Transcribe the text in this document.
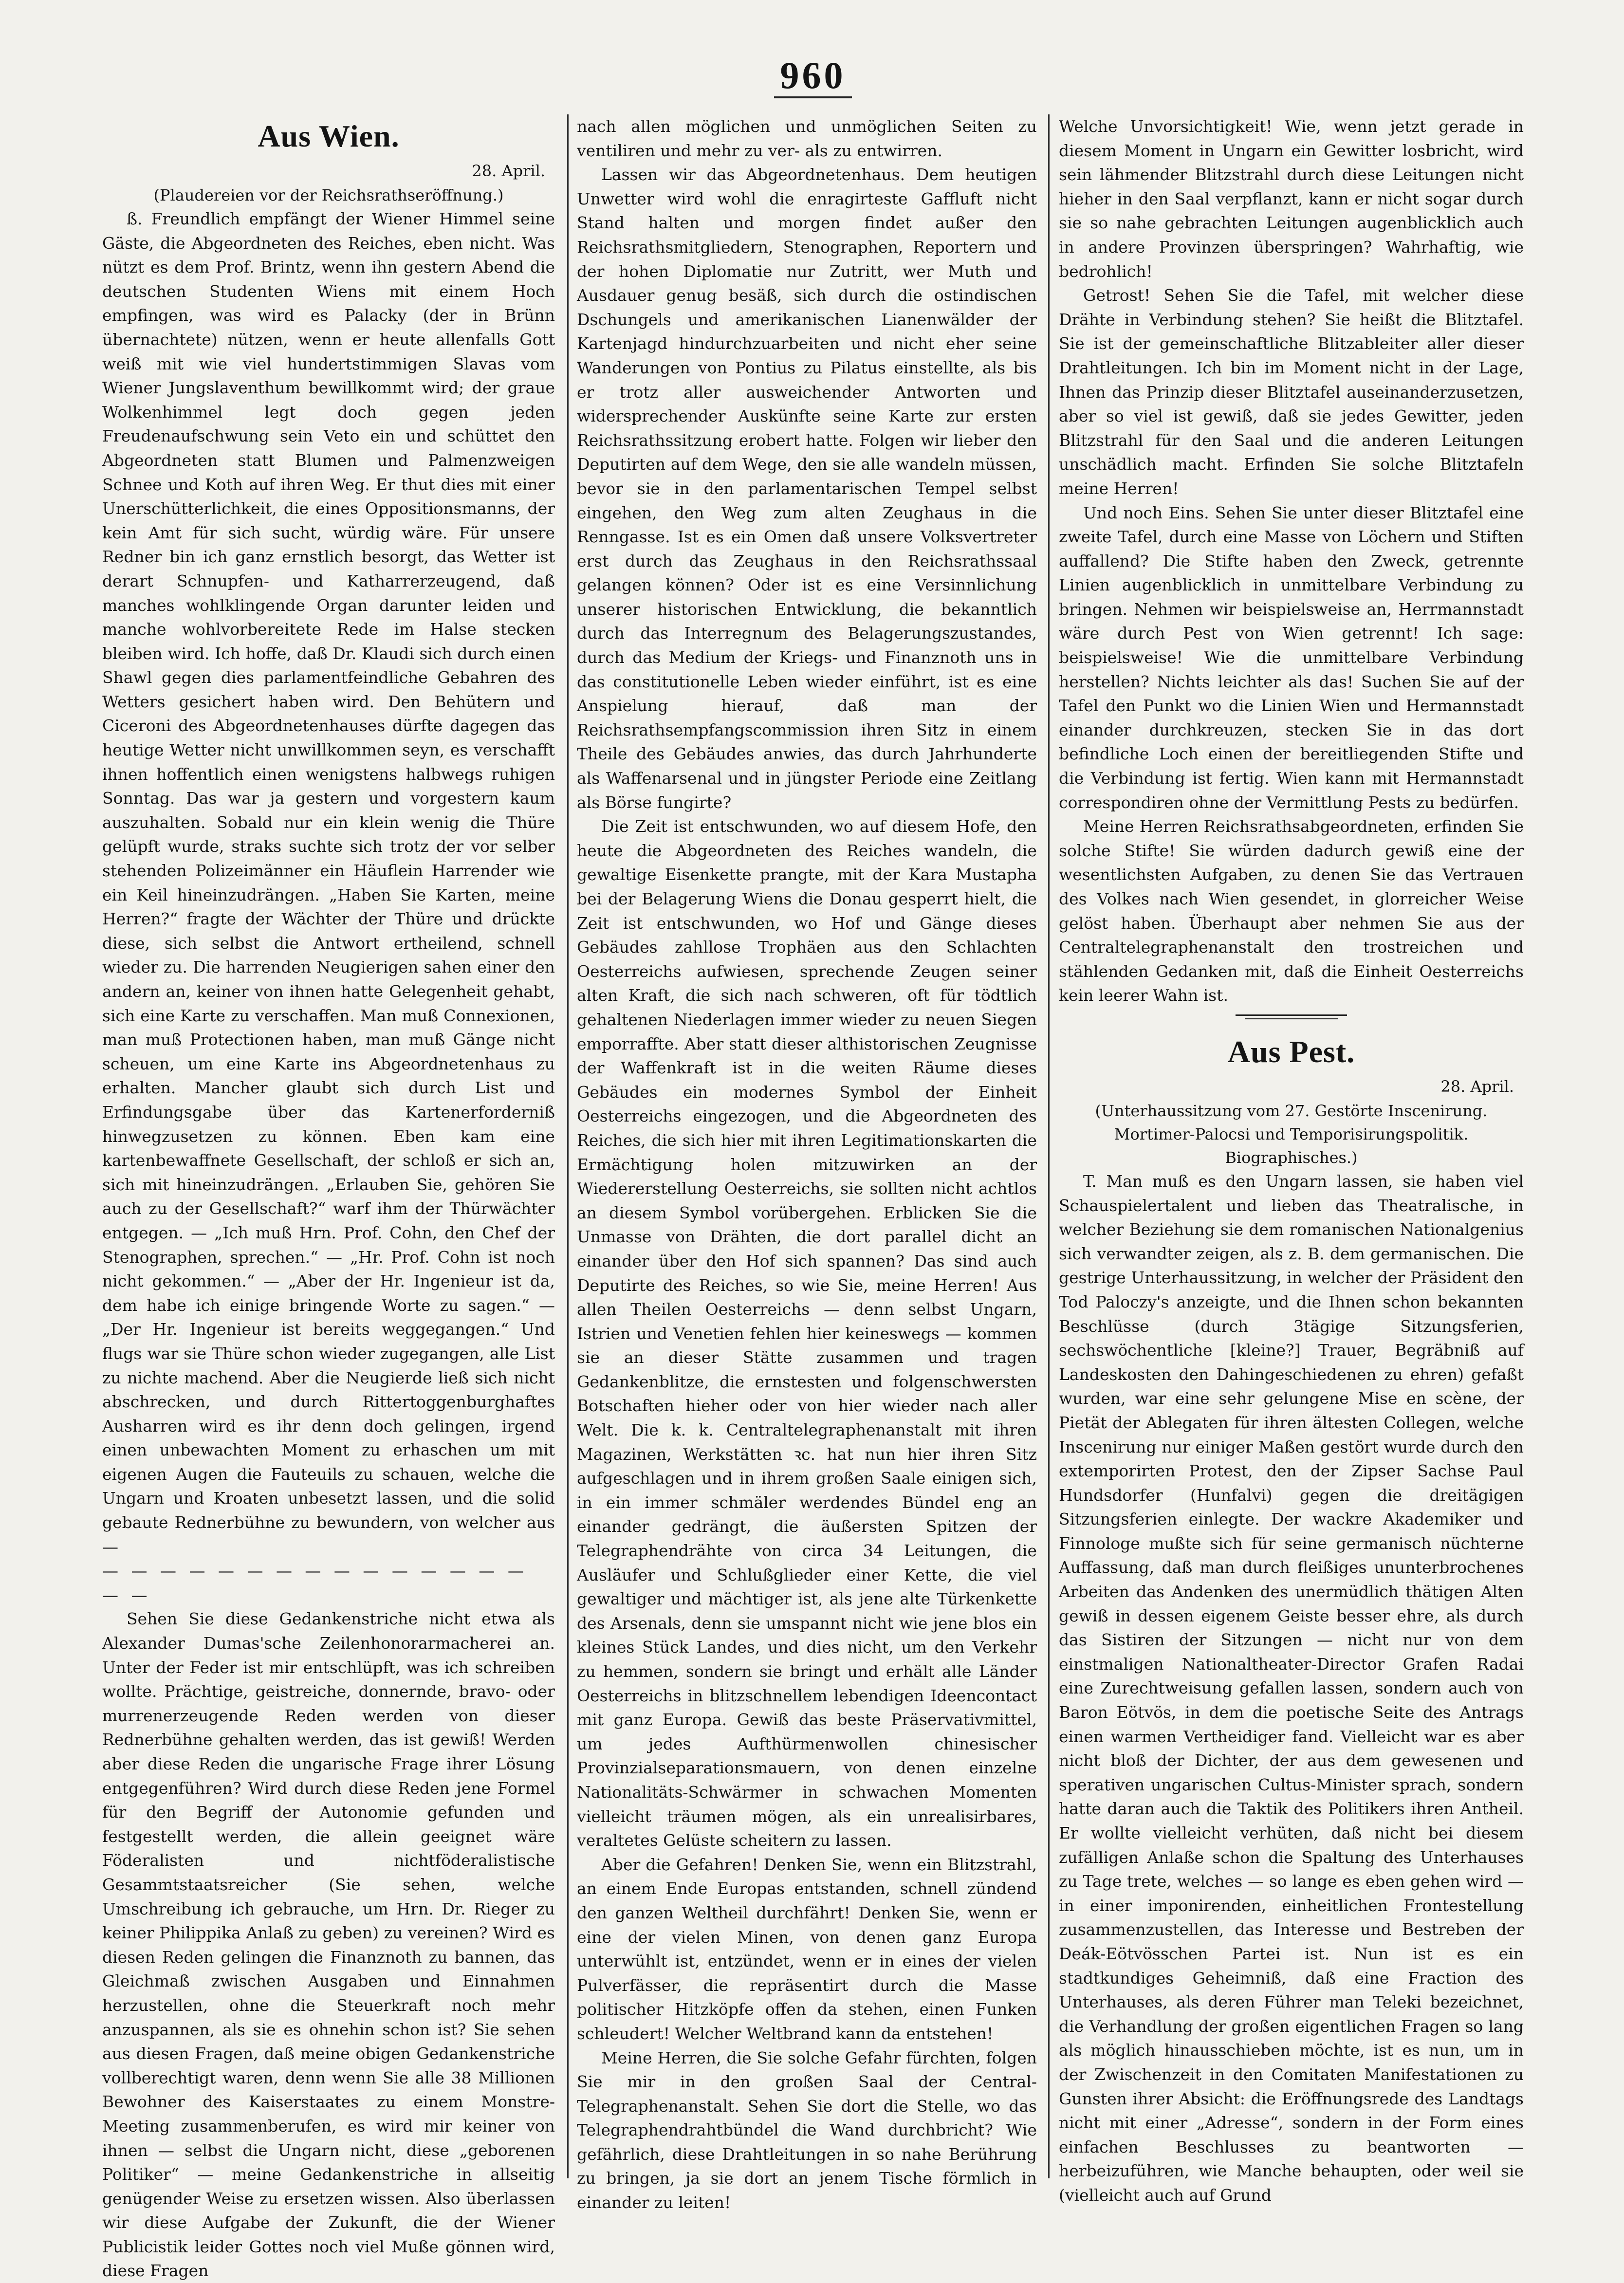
960
Aus Wien.
28. April.
(Plaudereien vor der Reichsrathseröffnung.)

ß. Freundlich empfängt der Wiener Himmel seine Gäste, die Abgeordneten des Reiches, eben nicht. Was nützt es dem Prof. Brintz, wenn ihn gestern Abend die deutschen Studenten Wiens mit einem Hoch empfingen, was wird es Palacky (der in Brünn übernachtete) nützen, wenn er heute allenfalls Gott weiß mit wie viel hundertstimmigen Slavas vom Wiener Jungslaventhum bewillkommt wird; der graue Wolkenhimmel legt doch gegen jeden Freudenaufschwung sein Veto ein und schüttet den Abgeordneten statt Blumen und Palmenzweigen Schnee und Koth auf ihren Weg. Er thut dies mit einer Unerschütterlichkeit, die eines Oppositionsmanns, der kein Amt für sich sucht, würdig wäre. Für unsere Redner bin ich ganz ernstlich besorgt, das Wetter ist derart Schnupfen- und Katharrerzeugend, daß manches wohlklingende Organ darunter leiden und manche wohlvorbereitete Rede im Halse stecken bleiben wird. Ich hoffe, daß Dr. Klaudi sich durch einen Shawl gegen dies parlamentfeindliche Gebahren des Wetters gesichert haben wird. Den Behütern und Ciceroni des Abgeordnetenhauses dürfte dagegen das heutige Wetter nicht unwillkommen seyn, es verschafft ihnen hoffentlich einen wenigstens halbwegs ruhigen Sonntag. Das war ja gestern und vorgestern kaum auszuhalten. Sobald nur ein klein wenig die Thüre gelüpft wurde, straks suchte sich trotz der vor selber stehenden Polizeimänner ein Häuflein Harrender wie ein Keil hineinzudrängen. „Haben Sie Karten, meine Herren?“ fragte der Wächter der Thüre und drückte diese, sich selbst die Antwort ertheilend, schnell wieder zu. Die harrenden Neugierigen sahen einer den andern an, keiner von ihnen hatte Gelegenheit gehabt, sich eine Karte zu verschaffen. Man muß Connexionen, man muß Protectionen haben, man muß Gänge nicht scheuen, um eine Karte ins Abgeordnetenhaus zu erhalten. Mancher glaubt sich durch List und Erfindungsgabe über das Kartenerforderniß hinwegzusetzen zu können. Eben kam eine kartenbewaffnete Gesellschaft, der schloß er sich an, sich mit hineinzudrängen. „Erlauben Sie, gehören Sie auch zu der Gesellschaft?“ warf ihm der Thürwächter entgegen. — „Ich muß Hrn. Prof. Cohn, den Chef der Stenographen, sprechen.“ — „Hr. Prof. Cohn ist noch nicht gekommen.“ — „Aber der Hr. Ingenieur ist da, dem habe ich einige bringende Worte zu sagen.“ — „Der Hr. Ingenieur ist bereits weggegangen.“ Und flugs war sie Thüre schon wieder zugegangen, alle List zu nichte machend. Aber die Neugierde ließ sich nicht abschrecken, und durch Rittertoggenburghaftes Ausharren wird es ihr denn doch gelingen, irgend einen unbewachten Moment zu erhaschen um mit eigenen Augen die Fauteuils zu schauen, welche die Ungarn und Kroaten unbesetzt lassen, und die solid gebaute Rednerbühne zu bewundern, von welcher aus —

— — — — — — — — — — — — — — — — —

Sehen Sie diese Gedankenstriche nicht etwa als Alexander Dumas'sche Zeilenhonorarmacherei an. Unter der Feder ist mir entschlüpft, was ich schreiben wollte. Prächtige, geistreiche, donnernde, bravo- oder murrenerzeugende Reden werden von dieser Rednerbühne gehalten werden, das ist gewiß! Werden aber diese Reden die ungarische Frage ihrer Lösung entgegenführen? Wird durch diese Reden jene Formel für den Begriff der Autonomie gefunden und festgestellt werden, die allein geeignet wäre Föderalisten und nichtföderalistische Gesammtstaatsreicher (Sie sehen, welche Umschreibung ich gebrauche, um Hrn. Dr. Rieger zu keiner Philippika Anlaß zu geben) zu vereinen? Wird es diesen Reden gelingen die Finanznoth zu bannen, das Gleichmaß zwischen Ausgaben und Einnahmen herzustellen, ohne die Steuerkraft noch mehr anzuspannen, als sie es ohnehin schon ist? Sie sehen aus diesen Fragen, daß meine obigen Gedankenstriche vollberechtigt waren, denn wenn Sie alle 38 Millionen Bewohner des Kaiserstaates zu einem Monstre-Meeting zusammenberufen, es wird mir keiner von ihnen — selbst die Ungarn nicht, diese „geborenen Politiker“ — meine Gedankenstriche in allseitig genügender Weise zu ersetzen wissen. Also überlassen wir diese Aufgabe der Zukunft, die der Wiener Publicistik leider Gottes noch viel Muße gönnen wird, diese Fragen

nach allen möglichen und unmöglichen Seiten zu ventiliren und mehr zu ver- als zu entwirren.

Lassen wir das Abgeordnetenhaus. Dem heutigen Unwetter wird wohl die enragirteste Gaffluft nicht Stand halten und morgen findet außer den Reichsrathsmitgliedern, Stenographen, Reportern und der hohen Diplomatie nur Zutritt, wer Muth und Ausdauer genug besäß, sich durch die ostindischen Dschungels und amerikanischen Lianenwälder der Kartenjagd hindurchzuarbeiten und nicht eher seine Wanderungen von Pontius zu Pilatus einstellte, als bis er trotz aller ausweichender Antworten und widersprechender Auskünfte seine Karte zur ersten Reichsrathssitzung erobert hatte. Folgen wir lieber den Deputirten auf dem Wege, den sie alle wandeln müssen, bevor sie in den parlamentarischen Tempel selbst eingehen, den Weg zum alten Zeughaus in die Renngasse. Ist es ein Omen daß unsere Volksvertreter erst durch das Zeughaus in den Reichsrathssaal gelangen können? Oder ist es eine Versinnlichung unserer historischen Entwicklung, die bekanntlich durch das Interregnum des Belagerungszustandes, durch das Medium der Kriegs- und Finanznoth uns in das constitutionelle Leben wieder einführt, ist es eine Anspielung hierauf, daß man der Reichsrathsempfangscommission ihren Sitz in einem Theile des Gebäudes anwies, das durch Jahrhunderte als Waffenarsenal und in jüngster Periode eine Zeitlang als Börse fungirte?

Die Zeit ist entschwunden, wo auf diesem Hofe, den heute die Abgeordneten des Reiches wandeln, die gewaltige Eisenkette prangte, mit der Kara Mustapha bei der Belagerung Wiens die Donau gesperrt hielt, die Zeit ist entschwunden, wo Hof und Gänge dieses Gebäudes zahllose Trophäen aus den Schlachten Oesterreichs aufwiesen, sprechende Zeugen seiner alten Kraft, die sich nach schweren, oft für tödtlich gehaltenen Niederlagen immer wieder zu neuen Siegen emporraffte. Aber statt dieser althistorischen Zeugnisse der Waffenkraft ist in die weiten Räume dieses Gebäudes ein modernes Symbol der Einheit Oesterreichs eingezogen, und die Abgeordneten des Reiches, die sich hier mit ihren Legitimationskarten die Ermächtigung holen mitzuwirken an der Wiedererstellung Oesterreichs, sie sollten nicht achtlos an diesem Symbol vorübergehen. Erblicken Sie die Unmasse von Drähten, die dort parallel dicht an einander über den Hof sich spannen? Das sind auch Deputirte des Reiches, so wie Sie, meine Herren! Aus allen Theilen Oesterreichs — denn selbst Ungarn, Istrien und Venetien fehlen hier keineswegs — kommen sie an dieser Stätte zusammen und tragen Gedankenblitze, die ernstesten und folgenschwersten Botschaften hieher oder von hier wieder nach aller Welt. Die k. k. Centraltelegraphenanstalt mit ihren Magazinen, Werkstätten ꝛc. hat nun hier ihren Sitz aufgeschlagen und in ihrem großen Saale einigen sich, in ein immer schmäler werdendes Bündel eng an einander gedrängt, die äußersten Spitzen der Telegraphendrähte von circa 34 Leitungen, die Ausläufer und Schlußglieder einer Kette, die viel gewaltiger und mächtiger ist, als jene alte Türkenkette des Arsenals, denn sie umspannt nicht wie jene blos ein kleines Stück Landes, und dies nicht, um den Verkehr zu hemmen, sondern sie bringt und erhält alle Länder Oesterreichs in blitzschnellem lebendigen Ideencontact mit ganz Europa. Gewiß das beste Präservativmittel, um jedes Aufthürmenwollen chinesischer Provinzialseparationsmauern, von denen einzelne Nationalitäts-Schwärmer in schwachen Momenten vielleicht träumen mögen, als ein unrealisirbares, veraltetes Gelüste scheitern zu lassen.

Aber die Gefahren! Denken Sie, wenn ein Blitzstrahl, an einem Ende Europas entstanden, schnell zündend den ganzen Weltheil durchfährt! Denken Sie, wenn er eine der vielen Minen, von denen ganz Europa unterwühlt ist, entzündet, wenn er in eines der vielen Pulverfässer, die repräsentirt durch die Masse politischer Hitzköpfe offen da stehen, einen Funken schleudert! Welcher Weltbrand kann da entstehen!

Meine Herren, die Sie solche Gefahr fürchten, folgen Sie mir in den großen Saal der Central-Telegraphenanstalt. Sehen Sie dort die Stelle, wo das Telegraphendrahtbündel die Wand durchbricht? Wie gefährlich, diese Drahtleitungen in so nahe Berührung zu bringen, ja sie dort an jenem Tische förmlich in einander zu leiten!

Welche Unvorsichtigkeit! Wie, wenn jetzt gerade in diesem Moment in Ungarn ein Gewitter losbricht, wird sein lähmender Blitzstrahl durch diese Leitungen nicht hieher in den Saal verpflanzt, kann er nicht sogar durch sie so nahe gebrachten Leitungen augenblicklich auch in andere Provinzen überspringen? Wahrhaftig, wie bedrohlich!

Getrost! Sehen Sie die Tafel, mit welcher diese Drähte in Verbindung stehen? Sie heißt die Blitztafel. Sie ist der gemeinschaftliche Blitzableiter aller dieser Drahtleitungen. Ich bin im Moment nicht in der Lage, Ihnen das Prinzip dieser Blitztafel auseinanderzusetzen, aber so viel ist gewiß, daß sie jedes Gewitter, jeden Blitzstrahl für den Saal und die anderen Leitungen unschädlich macht. Erfinden Sie solche Blitztafeln meine Herren!

Und noch Eins. Sehen Sie unter dieser Blitztafel eine zweite Tafel, durch eine Masse von Löchern und Stiften auffallend? Die Stifte haben den Zweck, getrennte Linien augenblicklich in unmittelbare Verbindung zu bringen. Nehmen wir beispielsweise an, Herrmannstadt wäre durch Pest von Wien getrennt! Ich sage: beispielsweise! Wie die unmittelbare Verbindung herstellen? Nichts leichter als das! Suchen Sie auf der Tafel den Punkt wo die Linien Wien und Hermannstadt einander durchkreuzen, stecken Sie in das dort befindliche Loch einen der bereitliegenden Stifte und die Verbindung ist fertig. Wien kann mit Hermannstadt correspondiren ohne der Vermittlung Pests zu bedürfen.

Meine Herren Reichsrathsabgeordneten, erfinden Sie solche Stifte! Sie würden dadurch gewiß eine der wesentlichsten Aufgaben, zu denen Sie das Vertrauen des Volkes nach Wien gesendet, in glorreicher Weise gelöst haben. Überhaupt aber nehmen Sie aus der Centraltelegraphenanstalt den trostreichen und stählenden Gedanken mit, daß die Einheit Oesterreichs kein leerer Wahn ist.

Aus Pest.
28. April.
(Unterhaussitzung vom 27. Gestörte Inscenirung. Mortimer-Palocsi und Temporisirungspolitik. Biographisches.)

T. Man muß es den Ungarn lassen, sie haben viel Schauspielertalent und lieben das Theatralische, in welcher Beziehung sie dem romanischen Nationalgenius sich verwandter zeigen, als z. B. dem germanischen. Die gestrige Unterhaussitzung, in welcher der Präsident den Tod Paloczy's anzeigte, und die Ihnen schon bekannten Beschlüsse (durch 3tägige Sitzungsferien, sechswöchentliche [kleine?] Trauer, Begräbniß auf Landeskosten den Dahingeschiedenen zu ehren) gefaßt wurden, war eine sehr gelungene Mise en scène, der Pietät der Ablegaten für ihren ältesten Collegen, welche Inscenirung nur einiger Maßen gestört wurde durch den extemporirten Protest, den der Zipser Sachse Paul Hundsdorfer (Hunfalvi) gegen die dreitägigen Sitzungsferien einlegte. Der wackre Akademiker und Finnologe mußte sich für seine germanisch nüchterne Auffassung, daß man durch fleißiges ununterbrochenes Arbeiten das Andenken des unermüdlich thätigen Alten gewiß in dessen eigenem Geiste besser ehre, als durch das Sistiren der Sitzungen — nicht nur von dem einstmaligen Nationaltheater-Director Grafen Radai eine Zurechtweisung gefallen lassen, sondern auch von Baron Eötvös, in dem die poetische Seite des Antrags einen warmen Vertheidiger fand. Vielleicht war es aber nicht bloß der Dichter, der aus dem gewesenen und sperativen ungarischen Cultus-Minister sprach, sondern hatte daran auch die Taktik des Politikers ihren Antheil. Er wollte vielleicht verhüten, daß nicht bei diesem zufälligen Anlaße schon die Spaltung des Unterhauses zu Tage trete, welches — so lange es eben gehen wird — in einer imponirenden, einheitlichen Frontestellung zusammenzustellen, das Interesse und Bestreben der Deák-Eötvösschen Partei ist. Nun ist es ein stadtkundiges Geheimniß, daß eine Fraction des Unterhauses, als deren Führer man Teleki bezeichnet, die Verhandlung der großen eigentlichen Fragen so lang als möglich hinausschieben möchte, ist es nun, um in der Zwischenzeit in den Comitaten Manifestationen zu Gunsten ihrer Absicht: die Eröffnungsrede des Landtags nicht mit einer „Adresse“, sondern in der Form eines einfachen Beschlusses zu beantworten — herbeizuführen, wie Manche behaupten, oder weil sie (vielleicht auch auf Grund
